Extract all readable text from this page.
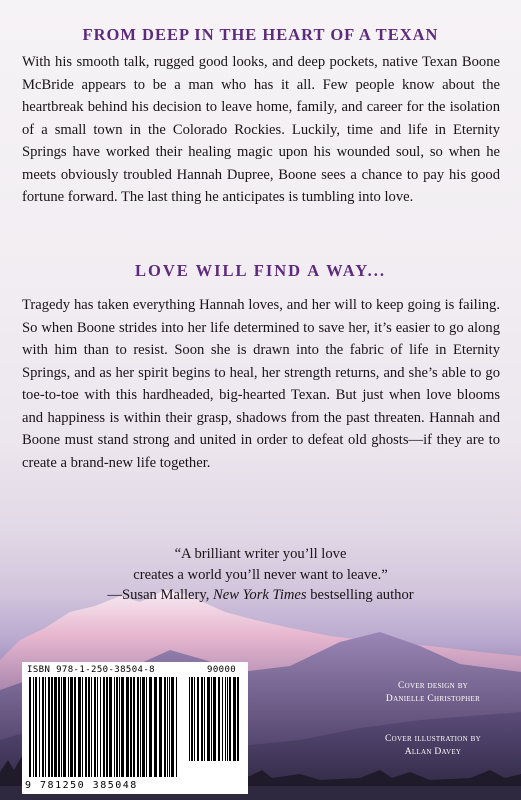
FROM DEEP IN THE HEART OF A TEXAN

With his smooth talk, rugged good looks, and deep pockets, native Texan Boone McBride appears to be a man who has it all. Few people know about the heartbreak behind his decision to leave home, family, and career for the isolation of a small town in the Colorado Rockies. Luckily, time and life in Eternity Springs have worked their healing magic upon his wounded soul, so when he meets obviously troubled Hannah Dupree, Boone sees a chance to pay his good fortune forward. The last thing he anticipates is tumbling into love.

LOVE WILL FIND A WAY...

Tragedy has taken everything Hannah loves, and her will to keep going is failing. So when Boone strides into her life determined to save her, it’s easier to go along with him than to resist. Soon she is drawn into the fabric of life in Eternity Springs, and as her spirit begins to heal, her strength returns, and she’s able to go toe-to-toe with this hardheaded, big-hearted Texan. But just when love blooms and happiness is within their grasp, shadows from the past threaten. Hannah and Boone must stand strong and united in order to defeat old ghosts—if they are to create a brand-new life together.

“A brilliant writer you’ll love

creates a world you’ll never want to leave.”

—Susan Mallery, New York Times bestselling author

Cover design by

Danielle Christopher

Cover illustration by

Allan Davey

ISBN 978-1-250-38504-8	90000

9 781250 385048
